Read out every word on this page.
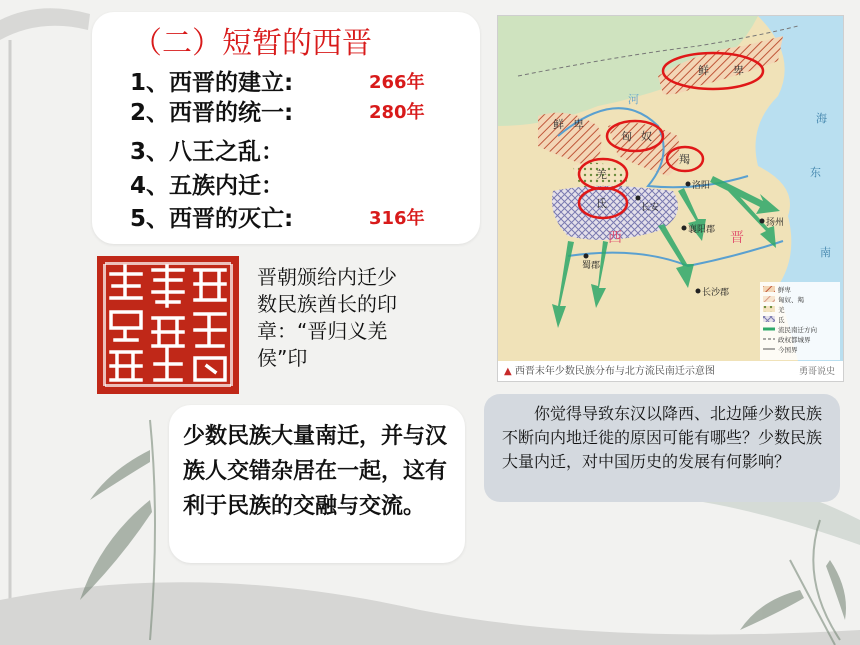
（二）短暂的西晋
1、西晋的建立:	266年
2、西晋的统一:	280年
3、八王之乱：
4、五族内迁：
5、西晋的灭亡:	316年
晋朝颁给内迁少数民族酋长的印章：“晋归义羌侯”印
少数民族大量南迁，并与汉族人交错杂居在一起，这有利于民族的交融与交流。
鲜 卑
鲜 卑
匈 奴
羯
羌
氐
河
海
东
南
洛阳
长安
襄阳郡
长沙郡
蜀郡
扬州
西	晋
鲜卑
匈奴、羯
羌
氐
流民南迁方向
政权都城界
今国界
▲ 西晋末年少数民族分布与北方流民南迁示意图	勇哥说史
你觉得导致东汉以降西、北边陲少数民族不断向内地迁徙的原因可能有哪些？少数民族大量内迁，对中国历史的发展有何影响？
